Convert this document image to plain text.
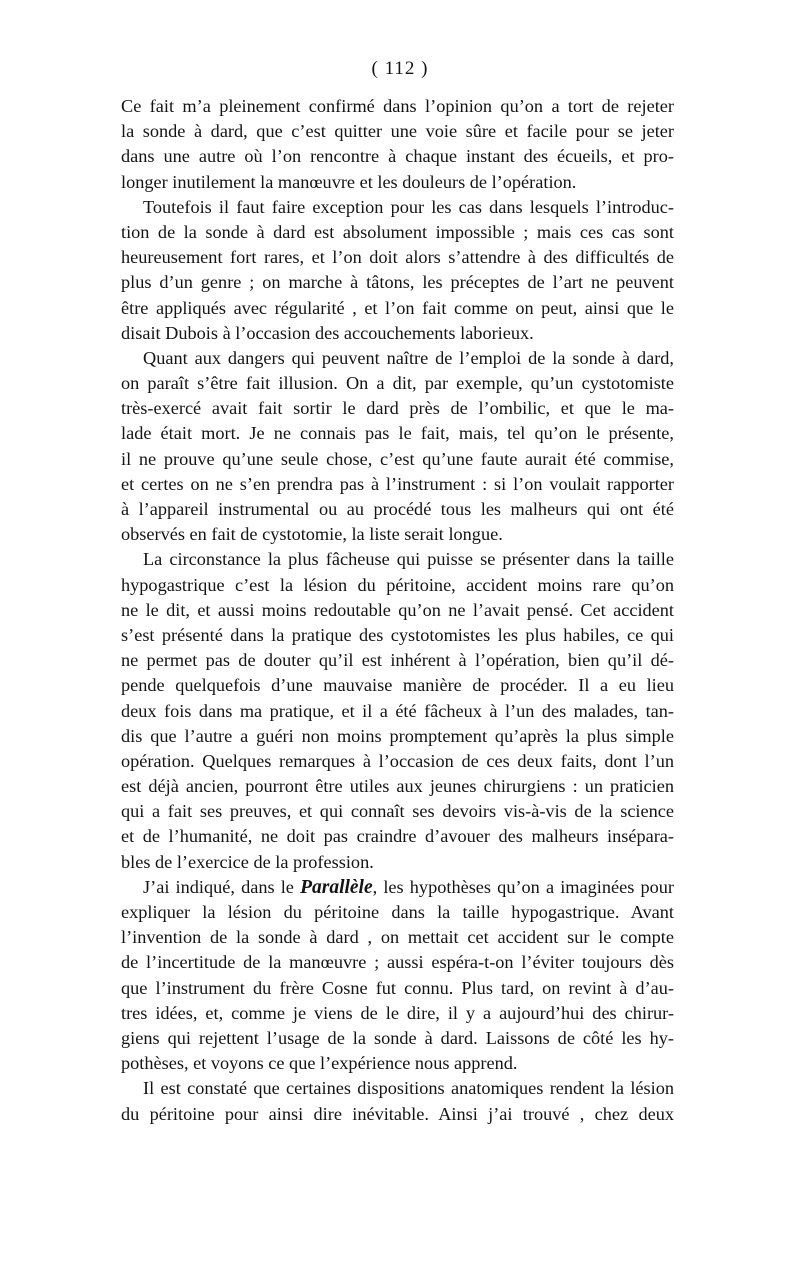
( 112 )
Ce fait m’a pleinement confirmé dans l’opinion qu’on a tort de rejeter
la sonde à dard, que c’est quitter une voie sûre et facile pour se jeter
dans une autre où l’on rencontre à chaque instant des écueils, et pro-
longer inutilement la manœuvre et les douleurs de l’opération.
Toutefois il faut faire exception pour les cas dans lesquels l’introduc-
tion de la sonde à dard est absolument impossible ; mais ces cas sont
heureusement fort rares, et l’on doit alors s’attendre à des difficultés de
plus d’un genre ; on marche à tâtons, les préceptes de l’art ne peuvent
être appliqués avec régularité , et l’on fait comme on peut, ainsi que le
disait Dubois à l’occasion des accouchements laborieux.
Quant aux dangers qui peuvent naître de l’emploi de la sonde à dard,
on paraît s’être fait illusion. On a dit, par exemple, qu’un cystotomiste
très-exercé avait fait sortir le dard près de l’ombilic, et que le ma-
lade était mort. Je ne connais pas le fait, mais, tel qu’on le présente,
il ne prouve qu’une seule chose, c’est qu’une faute aurait été commise,
et certes on ne s’en prendra pas à l’instrument : si l’on voulait rapporter
à l’appareil instrumental ou au procédé tous les malheurs qui ont été
observés en fait de cystotomie, la liste serait longue.
La circonstance la plus fâcheuse qui puisse se présenter dans la taille
hypogastrique c’est la lésion du péritoine, accident moins rare qu’on
ne le dit, et aussi moins redoutable qu’on ne l’avait pensé. Cet accident
s’est présenté dans la pratique des cystotomistes les plus habiles, ce qui
ne permet pas de douter qu’il est inhérent à l’opération, bien qu’il dé-
pende quelquefois d’une mauvaise manière de procéder. Il a eu lieu
deux fois dans ma pratique, et il a été fâcheux à l’un des malades, tan-
dis que l’autre a guéri non moins promptement qu’après la plus simple
opération. Quelques remarques à l’occasion de ces deux faits, dont l’un
est déjà ancien, pourront être utiles aux jeunes chirurgiens : un praticien
qui a fait ses preuves, et qui connaît ses devoirs vis-à-vis de la science
et de l’humanité, ne doit pas craindre d’avouer des malheurs insépara-
bles de l’exercice de la profession.
J’ai indiqué, dans le Parallèle, les hypothèses qu’on a imaginées pour
expliquer la lésion du péritoine dans la taille hypogastrique. Avant
l’invention de la sonde à dard , on mettait cet accident sur le compte
de l’incertitude de la manœuvre ; aussi espéra-t-on l’éviter toujours dès
que l’instrument du frère Cosne fut connu. Plus tard, on revint à d’au-
tres idées, et, comme je viens de le dire, il y a aujourd’hui des chirur-
giens qui rejettent l’usage de la sonde à dard. Laissons de côté les hy-
pothèses, et voyons ce que l’expérience nous apprend.
Il est constaté que certaines dispositions anatomiques rendent la lésion
du péritoine pour ainsi dire inévitable. Ainsi j’ai trouvé , chez deux
